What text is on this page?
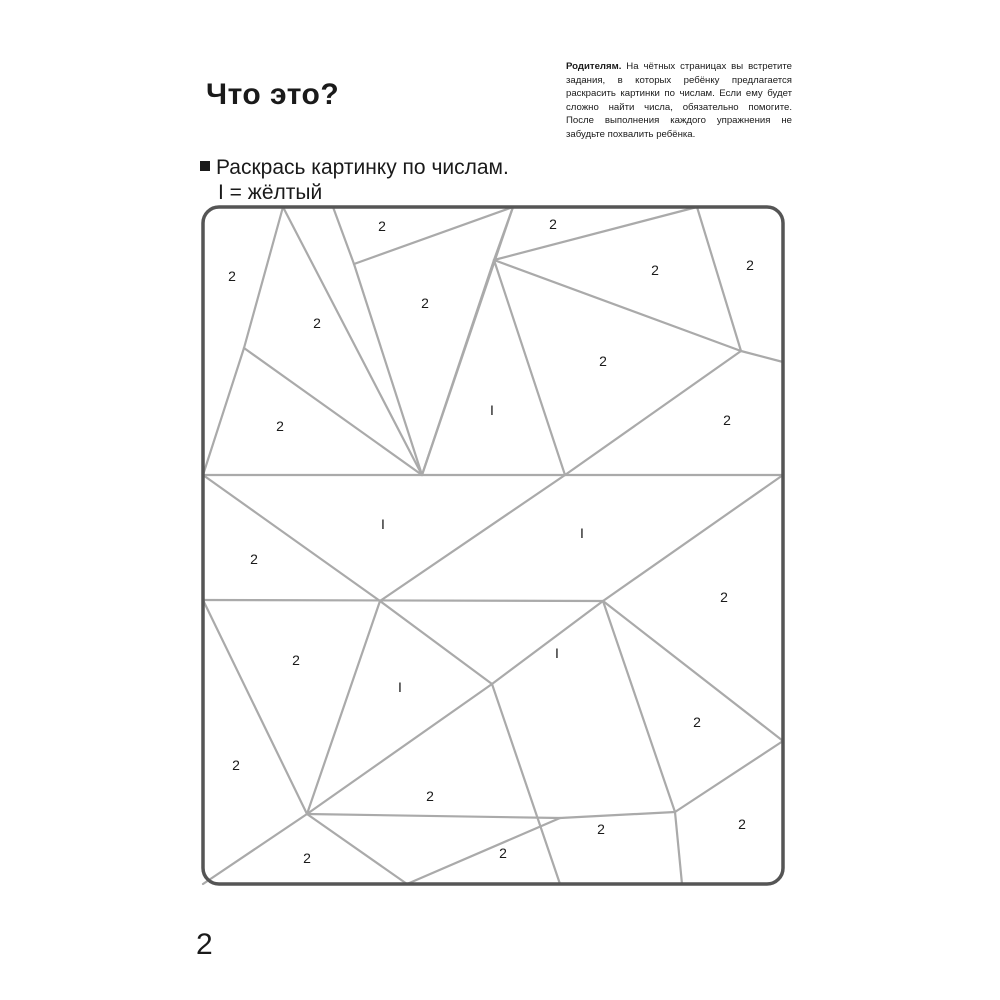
Что это?
Родителям. На чётных страницах вы встретите задания, в которых ребёнку предлагается раскрасить картинки по числам. Если ему будет сложно найти числа, обязательно помогите. После выполнения каждого упражнения не забудьте похвалить ребёнка.
Раскрась картинку по числам.
I = жёлтый
2
2
2
2
2
2	2
2
2
I
2
I
I
2
2
2	I
I
2
2
2
2	2
2
2
2
